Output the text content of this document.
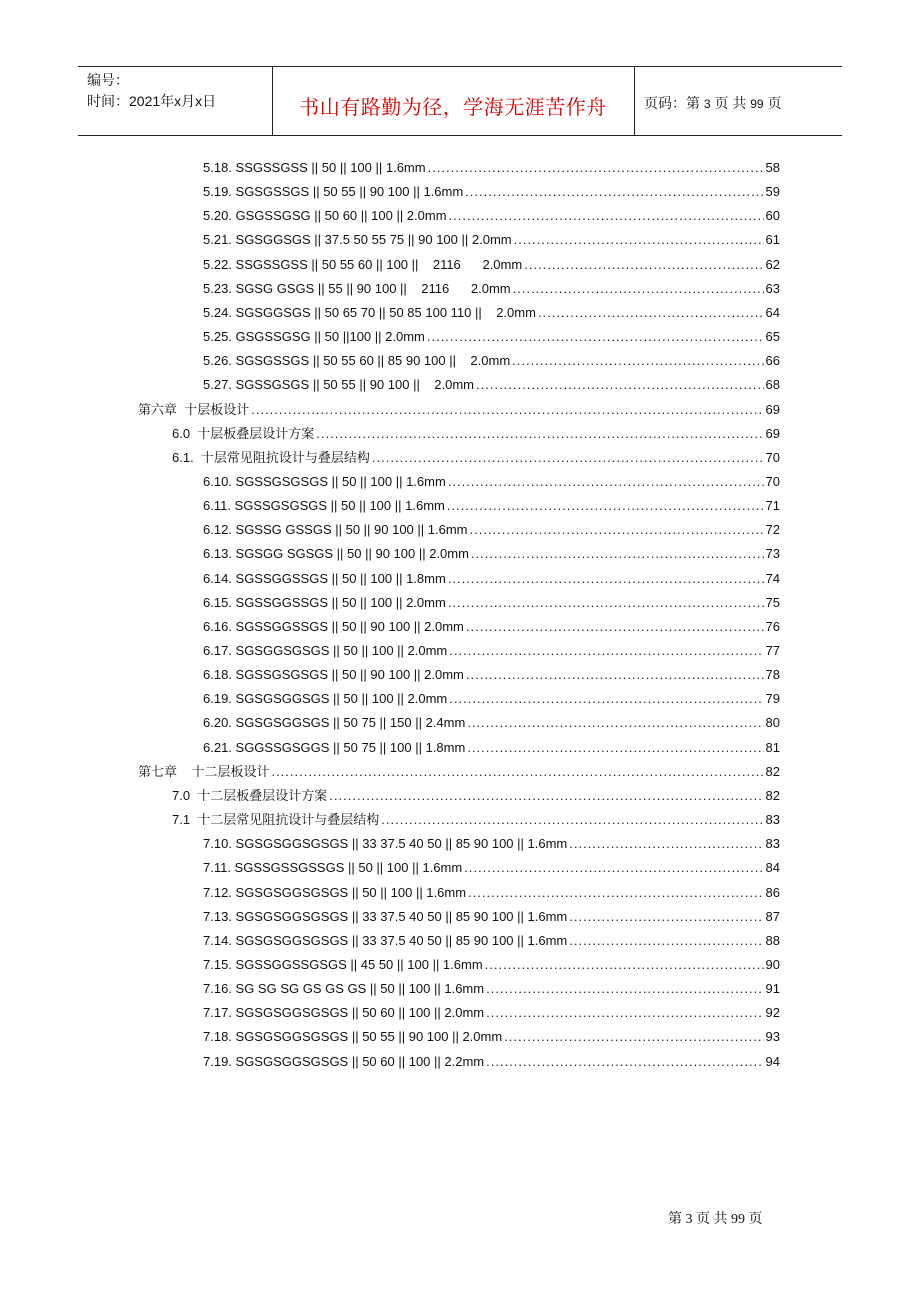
编号：
时间：2021年x月x日	书山有路勤为径，学海无涯苦作舟	页码：第 3 页 共 99 页
5.18. SSGSSGSS || 50 || 100 || 1.6mm .....	58
5.19. SGSGSSGS || 50 55 || 90 100 || 1.6mm .....	59
5.20. GSGSSGSG || 50 60 || 100 || 2.0mm .....	60
5.21. SGSGGSGS || 37.5 50 55 75 || 90 100 || 2.0mm .....	61
5.22. SSGSSGSS || 50 55 60 || 100 ||    2116      2.0mm .....	62
5.23. SGSG GSGS || 55 || 90 100 ||    2116      2.0mm .....	63
5.24. SGSGGSGS || 50 65 70 || 50 85 100 110 ||    2.0mm .....	64
5.25. GSGSSGSG || 50 ||100 || 2.0mm .....	65
5.26. SGSGSSGS || 50 55 60 || 85 90 100 ||    2.0mm .....	66
5.27. SGSSGSGS || 50 55 || 90 100 ||    2.0mm .....	68
第六章  十层板设计 .....	69
6.0  十层板叠层设计方案 .....	69
6.1.  十层常见阻抗设计与叠层结构 .....	70
6.10. SGSSGSGSGS || 50 || 100 || 1.6mm .....	70
6.11. SGSSGSGSGS || 50 || 100 || 1.6mm .....	71
6.12. SGSSG GSSGS || 50 || 90 100 || 1.6mm .....	72
6.13. SGSGG SGSGS || 50 || 90 100 || 2.0mm .....	73
6.14. SGSSGGSSGS || 50 || 100 || 1.8mm .....	74
6.15. SGSSGGSSGS || 50 || 100 || 2.0mm .....	75
6.16. SGSSGGSSGS || 50 || 90 100 || 2.0mm .....	76
6.17. SGSGGSGSGS || 50 || 100 || 2.0mm .....	77
6.18. SGSSGSGSGS || 50 || 90 100 || 2.0mm .....	78
6.19. SGSGSGGSGS || 50 || 100 || 2.0mm .....	79
6.20. SGSGSGGSGS || 50 75 || 150 || 2.4mm .....	80
6.21. SGGSSGSGGS || 50 75 || 100 || 1.8mm .....	81
第七章    十二层板设计 .....	82
7.0  十二层板叠层设计方案 .....	82
7.1  十二层常见阻抗设计与叠层结构 .....	83
7.10. SGSGSGGSGSGS || 33 37.5 40 50 || 85 90 100 || 1.6mm .....	83
7.11. SGSSGSSGSSGS || 50 || 100 || 1.6mm .....	84
7.12. SGSGSGGSGSGS || 50 || 100 || 1.6mm .....	86
7.13. SGSGSGGSGSGS || 33 37.5 40 50 || 85 90 100 || 1.6mm .....	87
7.14. SGSGSGGSGSGS || 33 37.5 40 50 || 85 90 100 || 1.6mm .....	88
7.15. SGSSGGSSGSGS || 45 50 || 100 || 1.6mm .....	90
7.16. SG SG SG GS GS GS || 50 || 100 || 1.6mm .....	91
7.17. SGSGSGGSGSGS || 50 60 || 100 || 2.0mm .....	92
7.18. SGSGSGGSGSGS || 50 55 || 90 100 || 2.0mm .....	93
7.19. SGSGSGGSGSGS || 50 60 || 100 || 2.2mm .....	94
第 3 页 共 99 页
